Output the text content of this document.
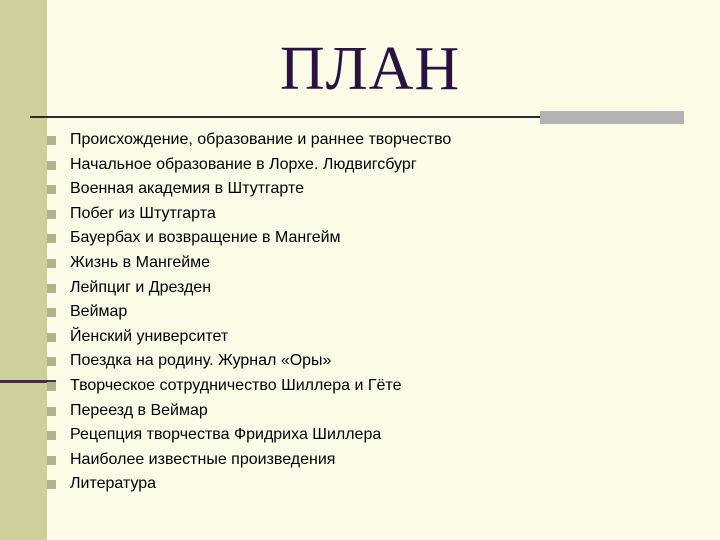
ПЛАН
Происхождение, образование и раннее творчество
Начальное образование в Лорхе. Людвигсбург
Военная академия в Штутгарте
Побег из Штутгарта
Бауербах и возвращение в Мангейм
Жизнь в Мангейме
Лейпциг и Дрезден
Веймар
Йенский университет
Поездка на родину. Журнал «Оры»
Творческое сотрудничество Шиллера и Гёте
Переезд в Веймар
Рецепция творчества Фридриха Шиллера
Наиболее известные произведения
Литература
